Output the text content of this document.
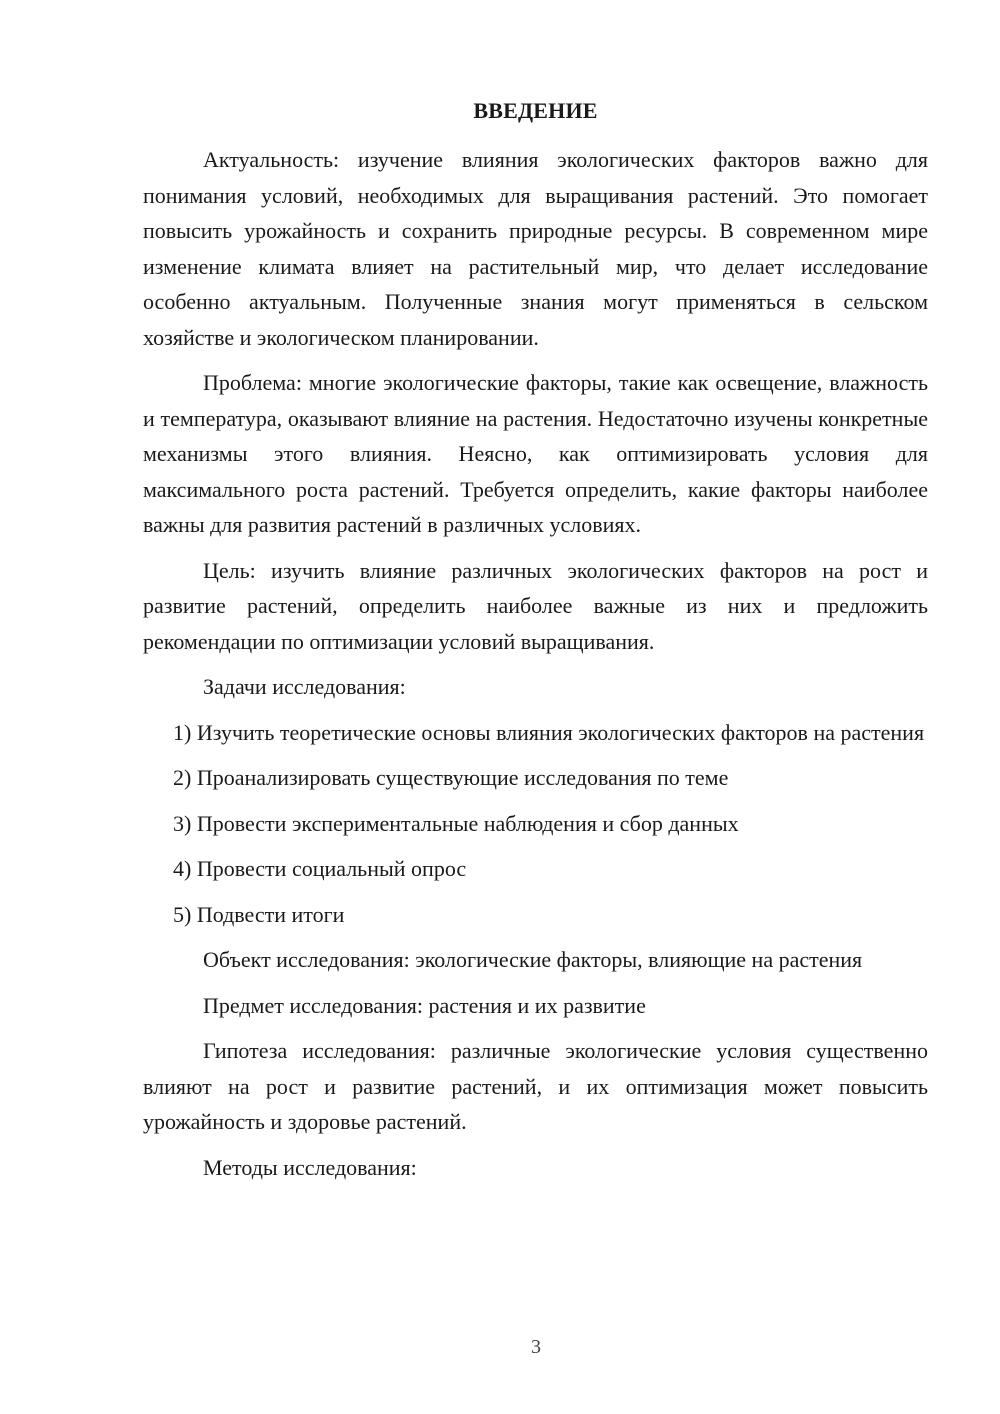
ВВЕДЕНИЕ

Актуальность: изучение влияния экологических факторов важно для понимания условий, необходимых для выращивания растений. Это помогает повысить урожайность и сохранить природные ресурсы. В современном мире изменение климата влияет на растительный мир, что делает исследование особенно актуальным. Полученные знания могут применяться в сельском хозяйстве и экологическом планировании.

Проблема: многие экологические факторы, такие как освещение, влажность и температура, оказывают влияние на растения. Недостаточно изучены конкретные механизмы этого влияния. Неясно, как оптимизировать условия для максимального роста растений. Требуется определить, какие факторы наиболее важны для развития растений в различных условиях.

Цель: изучить влияние различных экологических факторов на рост и развитие растений, определить наиболее важные из них и предложить рекомендации по оптимизации условий выращивания.

Задачи исследования:

1) Изучить теоретические основы влияния экологических факторов на растения

2) Проанализировать существующие исследования по теме

3) Провести экспериментальные наблюдения и сбор данных

4) Провести социальный опрос

5) Подвести итоги

Объект исследования: экологические факторы, влияющие на растения

Предмет исследования: растения и их развитие

Гипотеза исследования: различные экологические условия существенно влияют на рост и развитие растений, и их оптимизация может повысить урожайность и здоровье растений.

Методы исследования:

3
